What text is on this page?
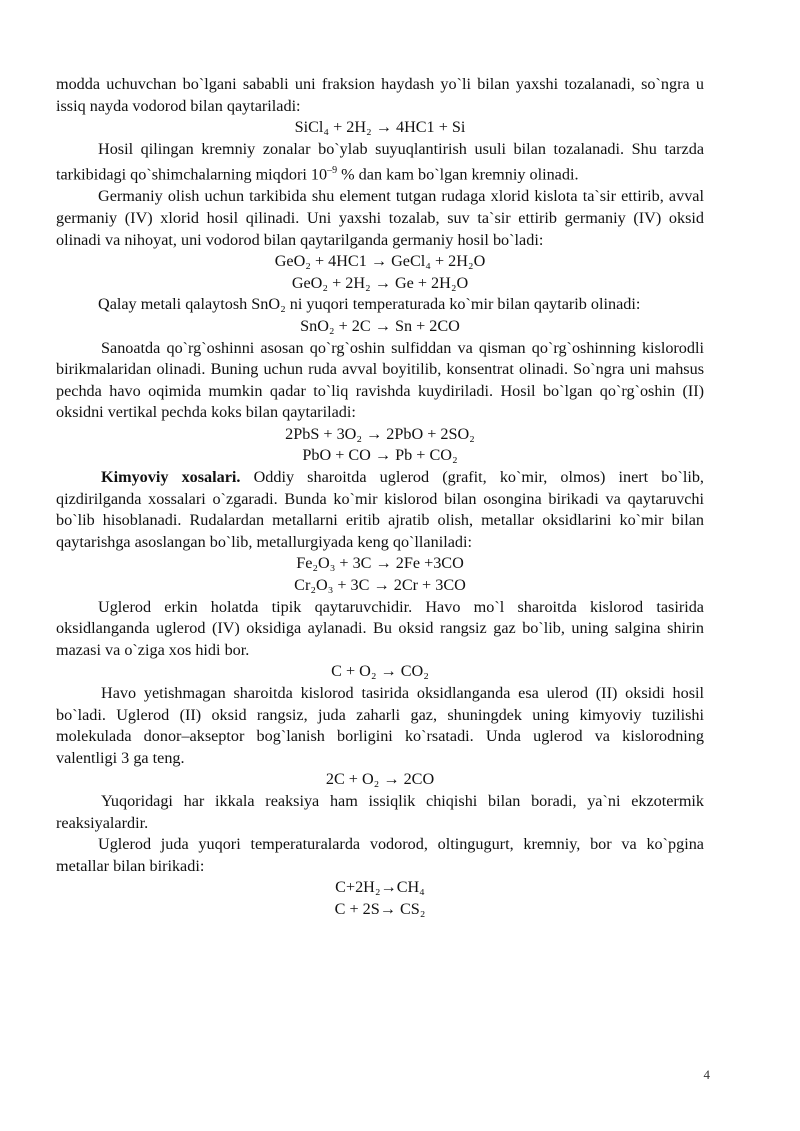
modda uchuvchan bo`lgani sababli uni fraksion haydash yo`li bilan yaxshi tozalanadi, so`ngra u issiq nayda vodorod bilan qaytariladi:

SiCl₄ + 2H₂ → 4HC1 + Si

Hosil qilingan kremniy zonalar bo`ylab suyuqlantirish usuli bilan tozalanadi. Shu tarzda tarkibidagi qo`shimchalarning miqdori $10^{-9}$ % dan kam bo`lgan kremniy olinadi.

Germaniy olish uchun tarkibida shu element tutgan rudaga xlorid kislota ta`sir ettirib, avval germaniy (IV) xlorid hosil qilinadi. Uni yaxshi tozalab, suv ta`sir ettirib germaniy (IV) oksid olinadi va nihoyat, uni vodorod bilan qaytarilganda germaniy hosil bo`ladi:

GeO₂ + 4HC1 → GeCl₄ + 2H₂O

GeO₂ + 2H₂ → Ge + 2H₂O

Qalay metali qalaytosh SnO₂ ni yuqori temperaturada ko`mir bilan qaytarib olinadi:

SnO₂ + 2C → Sn + 2CO

Sanoatda qo`rg`oshinni asosan qo`rg`oshin sulfiddan va qisman qo`rg`oshinning kislorodli birikmalaridan olinadi. Buning uchun ruda avval boyitilib, konsentrat olinadi. So`ngra uni mahsus pechda havo oqimida mumkin qadar to`liq ravishda kuydiriladi. Hosil bo`lgan qo`rg`oshin (II) oksidni vertikal pechda koks bilan qaytariladi:

2PbS + 3O₂ → 2PbO + 2SO₂

PbO + CO → Pb + CO₂

Kimyoviy xosalari. Oddiy sharoitda uglerod (grafit, ko`mir, olmos) inert bo`lib, qizdirilganda xossalari o`zgaradi. Bunda ko`mir kislorod bilan osongina birikadi va qaytaruvchi bo`lib hisoblanadi. Rudalardan metallarni eritib ajratib olish, metallar oksidlarini ko`mir bilan qaytarishga asoslangan bo`lib, metallurgiyada keng qo`llaniladi:

Fe₂O₃ + 3C → 2Fe +3CO

Cr₂O₃ + 3C → 2Cr + 3CO

Uglerod erkin holatda tipik qaytaruvchidir. Havo mo`l sharoitda kislorod tasirida oksidlanganda uglerod (IV) oksidiga aylanadi. Bu oksid rangsiz gaz bo`lib, uning salgina shirin mazasi va o`ziga xos hidi bor.

C + O₂ → CO₂

Havo yetishmagan sharoitda kislorod tasirida oksidlanganda esa ulerod (II) oksidi hosil bo`ladi. Uglerod (II) oksid rangsiz, juda zaharli gaz, shuningdek uning kimyoviy tuzilishi molekulada donor–akseptor bog`lanish borligini ko`rsatadi. Unda uglerod va kislorodning valentligi 3 ga teng.

2C + O₂ → 2CO

Yuqoridagi har ikkala reaksiya ham issiqlik chiqishi bilan boradi, ya`ni ekzotermik reaksiyalardir.

Uglerod juda yuqori temperaturalarda vodorod, oltingugurt, kremniy, bor va ko`pgina metallar bilan birikadi:

C+2H₂→CH₄

C + 2S→ CS₂

4
